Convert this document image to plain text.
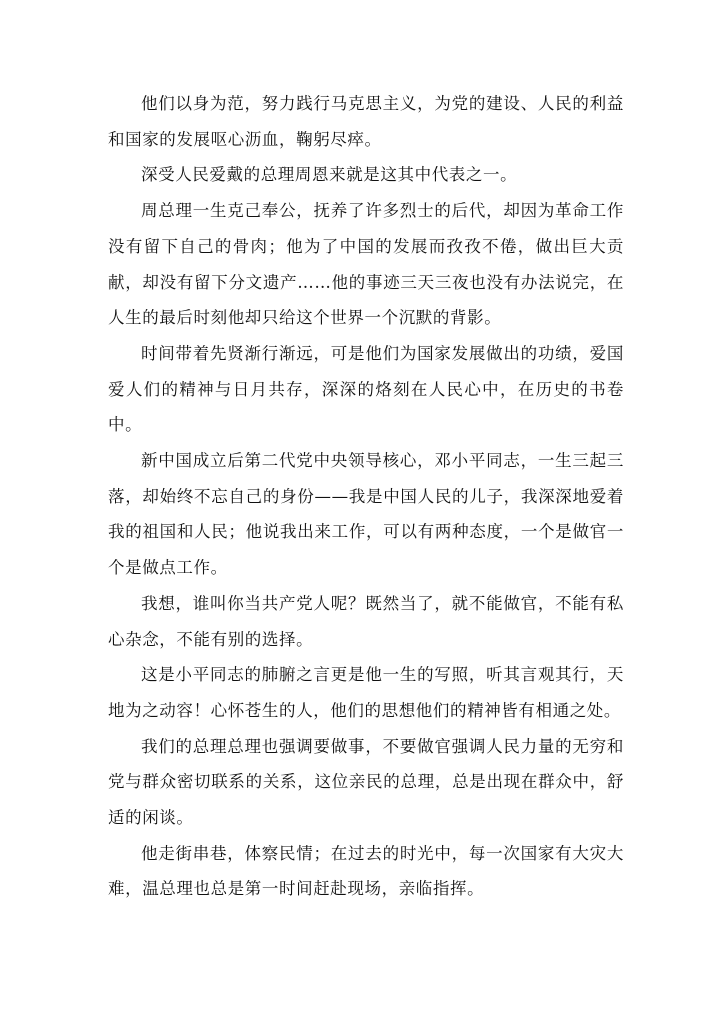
他们以身为范，努力践行马克思主义，为党的建设、人民的利益和国家的发展呕心沥血，鞠躬尽瘁。

深受人民爱戴的总理周恩来就是这其中代表之一。

周总理一生克己奉公，抚养了许多烈士的后代，却因为革命工作没有留下自己的骨肉；他为了中国的发展而孜孜不倦，做出巨大贡献，却没有留下分文遗产……他的事迹三天三夜也没有办法说完，在人生的最后时刻他却只给这个世界一个沉默的背影。

时间带着先贤渐行渐远，可是他们为国家发展做出的功绩，爱国爱人们的精神与日月共存，深深的烙刻在人民心中，在历史的书卷中。

新中国成立后第二代党中央领导核心，邓小平同志，一生三起三落，却始终不忘自己的身份——我是中国人民的儿子，我深深地爱着我的祖国和人民；他说我出来工作，可以有两种态度，一个是做官一个是做点工作。

我想，谁叫你当共产党人呢？既然当了，就不能做官，不能有私心杂念，不能有别的选择。

这是小平同志的肺腑之言更是他一生的写照，听其言观其行，天地为之动容！心怀苍生的人，他们的思想他们的精神皆有相通之处。

我们的总理总理也强调要做事，不要做官强调人民力量的无穷和党与群众密切联系的关系，这位亲民的总理，总是出现在群众中，舒适的闲谈。

他走街串巷，体察民情；在过去的时光中，每一次国家有大灾大难，温总理也总是第一时间赶赴现场，亲临指挥。
